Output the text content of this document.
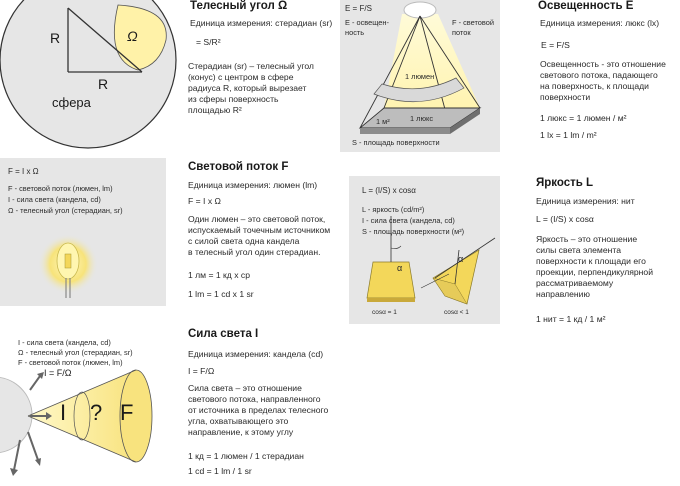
R
R
Ω
сфера
Телесный угол Ω
Единица измерения: стерадиан (sr)
= S/R²
Стерадиан (sr) – телесный угол
(конус) с центром в сфере
радиуса R, который вырезает
из сферы поверхность
площадью R²
E = F/S
E - освещен-
ность
F - световой
поток
1 люмен
1 люкс
1 м²
S - площадь поверхности
Освещенность E
Единица измерения: люкс (lx)
E = F/S
Освещенность - это отношение
светового потока, падающего
на поверхность, к площади
поверхности
1 люкс = 1 люмен / м²
1 lx = 1 lm / m²
F = I x Ω
F - световой поток (люмен, lm)
I - сила света (кандела, cd)
Ω - телесный угол (стерадиан, sr)
Световой поток F
Единица измерения: люмен (lm)
F = I x Ω
Один люмен – это световой поток,
испускаемый точечным источником
с силой света одна кандела
в телесный угол один стерадиан.
1 лм = 1 кд х ср
1 lm = 1 cd x 1 sr
L = (I/S) x cosα
L - яркость (cd/m²)
I - сила света (кандела, cd)
S - площадь поверхности (м²)
α
α
cosα = 1	cosα < 1
Яркость L
Единица измерения: нит
L = (I/S) x cosα
Яркость – это отношение
силы света элемента
поверхности к площади его
проекции, перпендикулярной
рассматриваемому
направлению
1 нит = 1 кд / 1 м²
I - сила света (кандела, cd)
Ω - телесный угол (стерадиан, sr)
F - световой поток (люмен, lm)
I = F/Ω
I ? F
Сила света I
Единица измерения: кандела (cd)
I = F/Ω
Сила света – это отношение
светового потока, направленного
от источника в пределах телесного
угла, охватывающего это
направление, к этому углу
1 кд = 1 люмен / 1 стерадиан
1 cd = 1 lm / 1 sr
